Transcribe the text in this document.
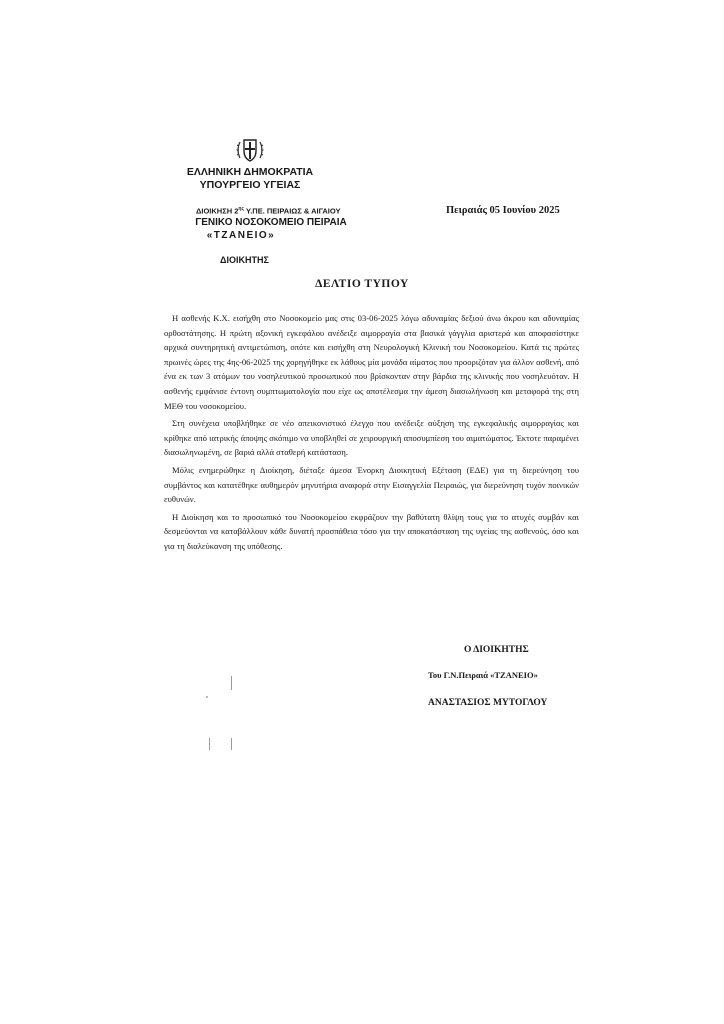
ΕΛΛΗΝΙΚΗ ΔΗΜΟΚΡΑΤΙΑ
ΥΠΟΥΡΓΕΙΟ ΥΓΕΙΑΣ
ΔΙΟΙΚΗΣΗ $2^{\eta\varsigma}$ Υ.ΠΕ. ΠΕΙΡΑΙΩΣ & ΑΙΓΑΙΟΥ
ΓΕΝΙΚΟ ΝΟΣΟΚΟΜΕΙΟ ΠΕΙΡΑΙΑ
«ΤΖΑΝΕΙΟ»
ΔΙΟΙΚΗΤΗΣ
Πειραιάς 05 Ιουνίου 2025
ΔΕΛΤΙΟ ΤΥΠΟΥ

Η ασθενής Κ.Χ. εισήχθη στο Νοσοκομείο μας στις 03-06-2025 λόγω αδυναμίας δεξιού άνω άκρου και αδυναμίας ορθοστάτησης. Η πρώτη αξονική εγκεφάλου ανέδειξε αιμορραγία στα βασικά γάγγλια αριστερά και αποφασίστηκε αρχικά συντηρητική αντιμετώπιση, οπότε και εισήχθη στη Νευρολογική Κλινική του Νοσοκομείου. Κατά τις πρώτες πρωινές ώρες της 4ης-06-2025 της χορηγήθηκε εκ λάθους μία μονάδα αίματος που προοριζόταν για άλλον ασθενή, από ένα εκ των 3 ατόμων του νοσηλευτικού προσωπικού που βρίσκονταν στην βάρδια της κλινικής που νοσηλευόταν. Η ασθενής εμφάνισε έντονη συμπτωματολογία που είχε ως αποτέλεσμα την άμεση διασωλήνωση και μεταφορά της στη ΜΕΘ του νοσοκομείου.

Στη συνέχεια υποβλήθηκε σε νέο απεικονιστικό έλεγχο που ανέδειξε αύξηση της εγκεφαλικής αιμορραγίας και κρίθηκε από ιατρικής άποψης σκόπιμο να υποβληθεί σε χειρουργική αποσυμπίεση του αιματώματος. Έκτοτε παραμένει διασωληνωμένη, σε βαριά αλλά σταθερή κατάσταση.

Μόλις ενημερώθηκε η Διοίκηση, διέταξε άμεσα Ένορκη Διοικητική Εξέταση (ΕΔΕ) για τη διερεύνηση του συμβάντος και κατατέθηκε αυθημερόν μηνυτήρια αναφορά στην Εισαγγελία Πειραιώς, για διερεύνηση τυχόν ποινικών ευθυνών.

Η Διοίκηση και το προσωπικό του Νοσοκομείου εκφράζουν την βαθύτατη θλίψη τους για το ατυχές συμβάν και δεσμεύονται να καταβάλλουν κάθε δυνατή προσπάθεια τόσο για την αποκατάσταση της υγείας της ασθενούς, όσο και για τη διαλεύκανση της υπόθεσης.

Ο ΔΙΟΙΚΗΤΗΣ
Του Γ.Ν.Πειραιά «ΤΖΑΝΕΙΟ»
ΑΝΑΣΤΑΣΙΟΣ ΜΥΤΟΓΛΟΥ
